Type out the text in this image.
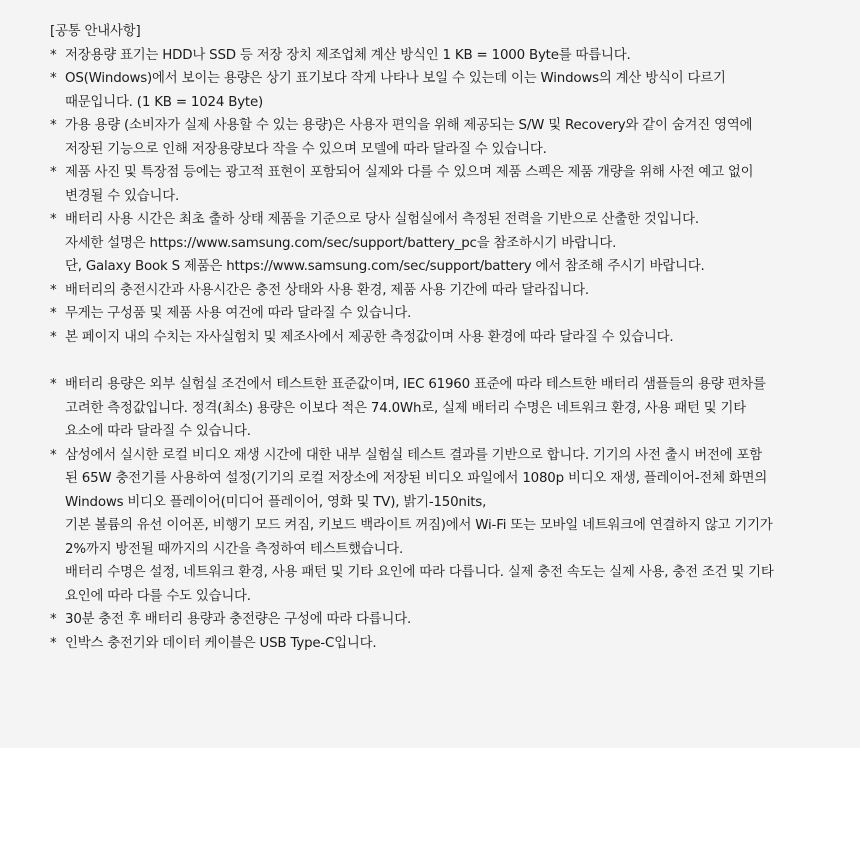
[공통 안내사항]
* 저장용량 표기는 HDD나 SSD 등 저장 장치 제조업체 계산 방식인 1 KB = 1000 Byte를 따릅니다.
* OS(Windows)에서 보이는 용량은 상기 표기보다 작게 나타나 보일 수 있는데 이는 Windows의 계산 방식이 다르기
때문입니다. (1 KB = 1024 Byte)
* 가용 용량 (소비자가 실제 사용할 수 있는 용량)은 사용자 편익을 위해 제공되는 S/W 및 Recovery와 같이 숨겨진 영역에
저장된 기능으로 인해 저장용량보다 작을 수 있으며 모델에 따라 달라질 수 있습니다.
* 제품 사진 및 특장점 등에는 광고적 표현이 포함되어 실제와 다를 수 있으며 제품 스펙은 제품 개량을 위해 사전 예고 없이
변경될 수 있습니다.
* 배터리 사용 시간은 최초 출하 상태 제품을 기준으로 당사 실험실에서 측정된 전력을 기반으로 산출한 것입니다.
자세한 설명은 https://www.samsung.com/sec/support/battery_pc을 참조하시기 바랍니다.
단, Galaxy Book S 제품은 https://www.samsung.com/sec/support/battery 에서 참조해 주시기 바랍니다.
* 배터리의 충전시간과 사용시간은 충전 상태와 사용 환경, 제품 사용 기간에 따라 달라집니다.
* 무게는 구성품 및 제품 사용 여건에 따라 달라질 수 있습니다.
* 본 페이지 내의 수치는 자사실험치 및 제조사에서 제공한 측정값이며 사용 환경에 따라 달라질 수 있습니다.
* 배터리 용량은 외부 실험실 조건에서 테스트한 표준값이며, IEC 61960 표준에 따라 테스트한 배터리 샘플들의 용량 편차를
고려한 측정값입니다. 정격(최소) 용량은 이보다 적은 74.0Wh로, 실제 배터리 수명은 네트워크 환경, 사용 패턴 및 기타
요소에 따라 달라질 수 있습니다.
* 삼성에서 실시한 로컬 비디오 재생 시간에 대한 내부 실험실 테스트 결과를 기반으로 합니다. 기기의 사전 출시 버전에 포함
된 65W 충전기를 사용하여 설정(기기의 로컬 저장소에 저장된 비디오 파일에서 1080p 비디오 재생, 플레이어-전체 화면의
Windows 비디오 플레이어(미디어 플레이어, 영화 및 TV), 밝기-150nits,
기본 볼륨의 유선 이어폰, 비행기 모드 켜짐, 키보드 백라이트 꺼짐)에서 Wi-Fi 또는 모바일 네트워크에 연결하지 않고 기기가
2%까지 방전될 때까지의 시간을 측정하여 테스트했습니다.
배터리 수명은 설정, 네트워크 환경, 사용 패턴 및 기타 요인에 따라 다릅니다. 실제 충전 속도는 실제 사용, 충전 조건 및 기타
요인에 따라 다를 수도 있습니다.
* 30분 충전 후 배터리 용량과 충전량은 구성에 따라 다릅니다.
* 인박스 충전기와 데이터 케이블은 USB Type-C입니다.
